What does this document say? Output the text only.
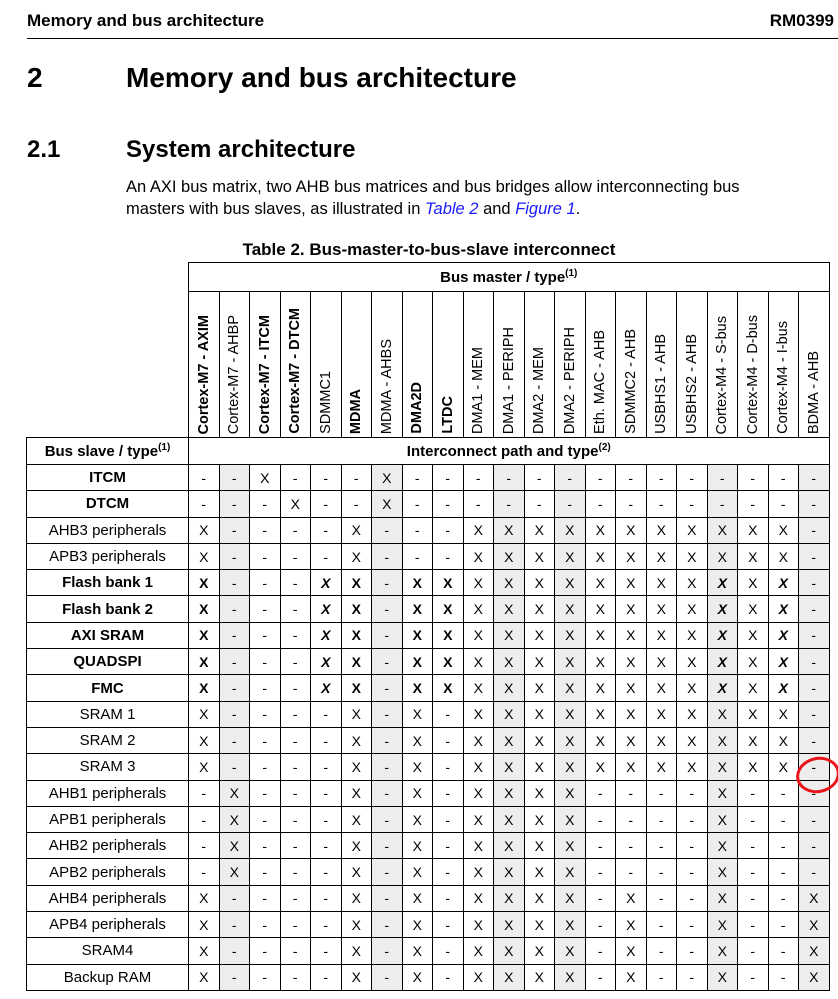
Memory and bus architecture	RM0399
2	Memory and bus architecture
2.1	System architecture
An AXI bus matrix, two AHB bus matrices and bus bridges allow interconnecting bus masters with bus slaves, as illustrated in Table 2 and Figure 1.
Table 2. Bus-master-to-bus-slave interconnect
	Bus master / type$^{(1)}$
	Cortex-M7 - AXIM	Cortex-M7 - AHBP	Cortex-M7 - ITCM	Cortex-M7 - DTCM	SDMMC1	MDMA	MDMA - AHBS	DMA2D	LTDC	DMA1 - MEM	DMA1 - PERIPH	DMA2 - MEM	DMA2 - PERIPH	Eth. MAC - AHB	SDMMC2 - AHB	USBHS1 - AHB	USBHS2 - AHB	Cortex-M4 - S-bus	Cortex-M4 - D-bus	Cortex-M4 - I-bus	BDMA - AHB
Bus slave / type$^{(1)}$	Interconnect path and type$^{(2)}$
ITCM	-	-	X	-	-	-	X	-	-	-	-	-	-	-	-	-	-	-	-	-	-
DTCM	-	-	-	X	-	-	X	-	-	-	-	-	-	-	-	-	-	-	-	-	-
AHB3 peripherals	X	-	-	-	-	X	-	-	-	X	X	X	X	X	X	X	X	X	X	X	-
APB3 peripherals	X	-	-	-	-	X	-	-	-	X	X	X	X	X	X	X	X	X	X	X	-
Flash bank 1	X	-	-	-	X	X	-	X	X	X	X	X	X	X	X	X	X	X	X	X	-
Flash bank 2	X	-	-	-	X	X	-	X	X	X	X	X	X	X	X	X	X	X	X	X	-
AXI SRAM	X	-	-	-	X	X	-	X	X	X	X	X	X	X	X	X	X	X	X	X	-
QUADSPI	X	-	-	-	X	X	-	X	X	X	X	X	X	X	X	X	X	X	X	X	-
FMC	X	-	-	-	X	X	-	X	X	X	X	X	X	X	X	X	X	X	X	X	-
SRAM 1	X	-	-	-	-	X	-	X	-	X	X	X	X	X	X	X	X	X	X	X	-
SRAM 2	X	-	-	-	-	X	-	X	-	X	X	X	X	X	X	X	X	X	X	X	-
SRAM 3	X	-	-	-	-	X	-	X	-	X	X	X	X	X	X	X	X	X	X	X	-
AHB1 peripherals	-	X	-	-	-	X	-	X	-	X	X	X	X	-	-	-	-	X	-	-	-
APB1 peripherals	-	X	-	-	-	X	-	X	-	X	X	X	X	-	-	-	-	X	-	-	-
AHB2 peripherals	-	X	-	-	-	X	-	X	-	X	X	X	X	-	-	-	-	X	-	-	-
APB2 peripherals	-	X	-	-	-	X	-	X	-	X	X	X	X	-	-	-	-	X	-	-	-
AHB4 peripherals	X	-	-	-	-	X	-	X	-	X	X	X	X	-	X	-	-	X	-	-	X
APB4 peripherals	X	-	-	-	-	X	-	X	-	X	X	X	X	-	X	-	-	X	-	-	X
SRAM4	X	-	-	-	-	X	-	X	-	X	X	X	X	-	X	-	-	X	-	-	X
Backup RAM	X	-	-	-	-	X	-	X	-	X	X	X	X	-	X	-	-	X	-	-	X
